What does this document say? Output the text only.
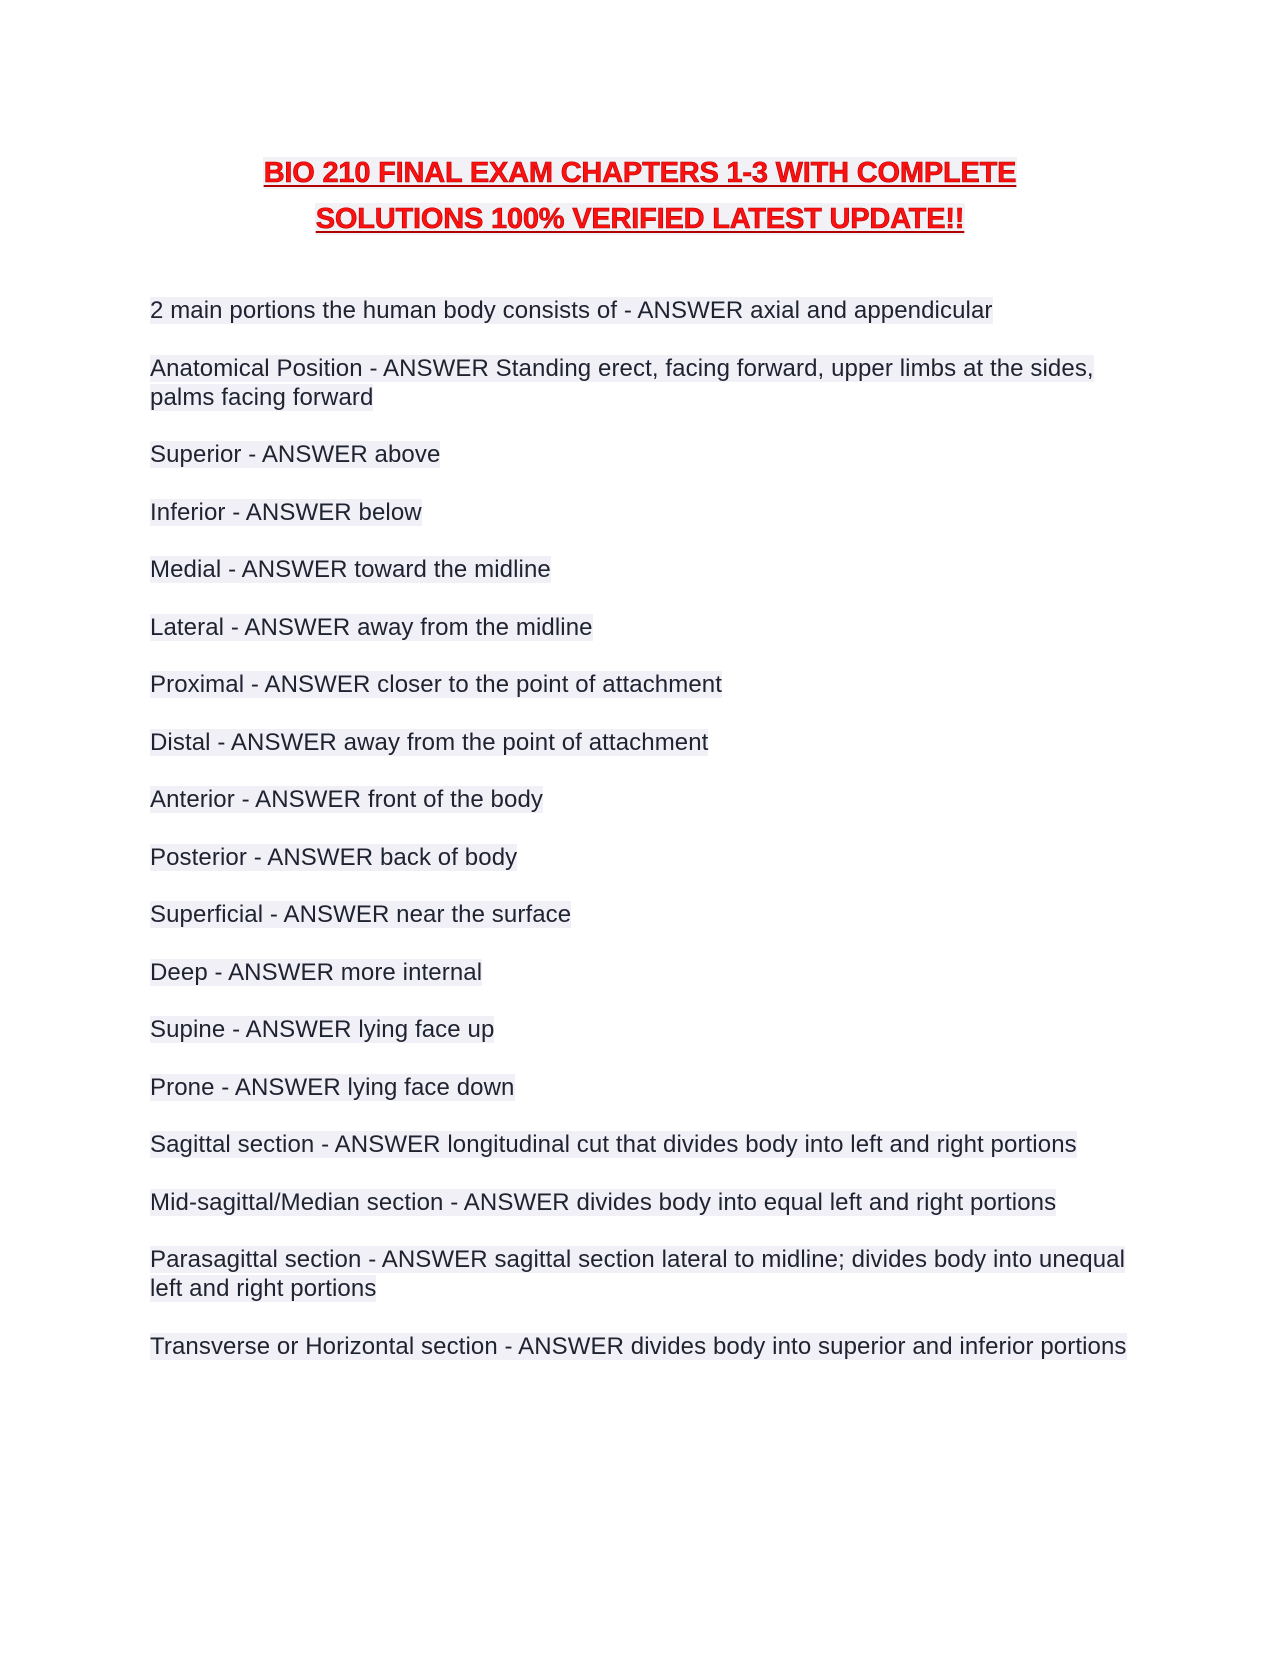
BIO 210 FINAL EXAM CHAPTERS 1-3 WITH COMPLETE
SOLUTIONS 100% VERIFIED LATEST UPDATE!!

2 main portions the human body consists of - ANSWER axial and appendicular

Anatomical Position - ANSWER Standing erect, facing forward, upper limbs at the sides, palms facing forward

Superior - ANSWER above

Inferior - ANSWER below

Medial - ANSWER toward the midline

Lateral - ANSWER away from the midline

Proximal - ANSWER closer to the point of attachment

Distal - ANSWER away from the point of attachment

Anterior - ANSWER front of the body

Posterior - ANSWER back of body

Superficial - ANSWER near the surface

Deep - ANSWER more internal

Supine - ANSWER lying face up

Prone - ANSWER lying face down

Sagittal section - ANSWER longitudinal cut that divides body into left and right portions

Mid-sagittal/Median section - ANSWER divides body into equal left and right portions

Parasagittal section - ANSWER sagittal section lateral to midline; divides body into unequal left and right portions

Transverse or Horizontal section - ANSWER divides body into superior and inferior portions
